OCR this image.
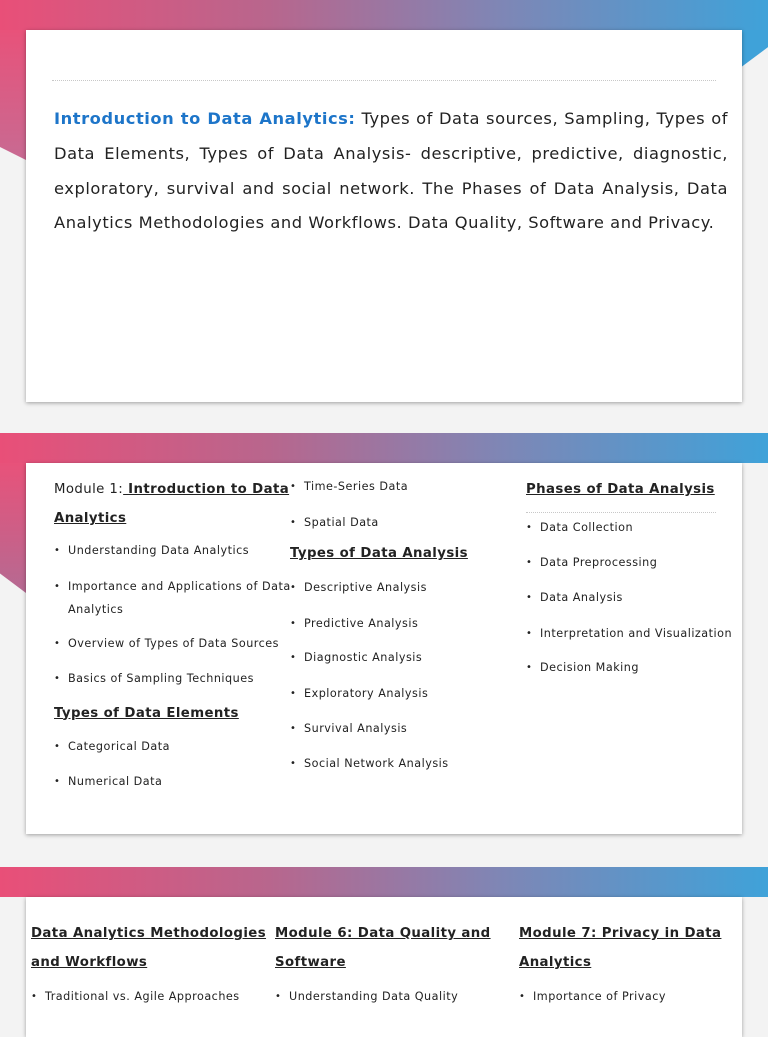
Introduction to Data Analytics: Types of Data sources, Sampling, Types of Data Elements, Types of Data Analysis- descriptive, predictive, diagnostic, exploratory, survival and social network. The Phases of Data Analysis, Data Analytics Methodologies and Workflows. Data Quality, Software and Privacy.
Module 1: Introduction to Data Analytics
• Understanding Data Analytics
• Importance and Applications of Data Analytics
• Overview of Types of Data Sources
• Basics of Sampling Techniques
Types of Data Elements
• Categorical Data
• Numerical Data
• Time-Series Data
• Spatial Data
Types of Data Analysis
• Descriptive Analysis
• Predictive Analysis
• Diagnostic Analysis
• Exploratory Analysis
• Survival Analysis
• Social Network Analysis
Phases of Data Analysis
• Data Collection
• Data Preprocessing
• Data Analysis
• Interpretation and Visualization
• Decision Making
Data Analytics Methodologies and Workflows
• Traditional vs. Agile Approaches
Module 6: Data Quality and Software
• Understanding Data Quality
Module 7: Privacy in Data Analytics
• Importance of Privacy
